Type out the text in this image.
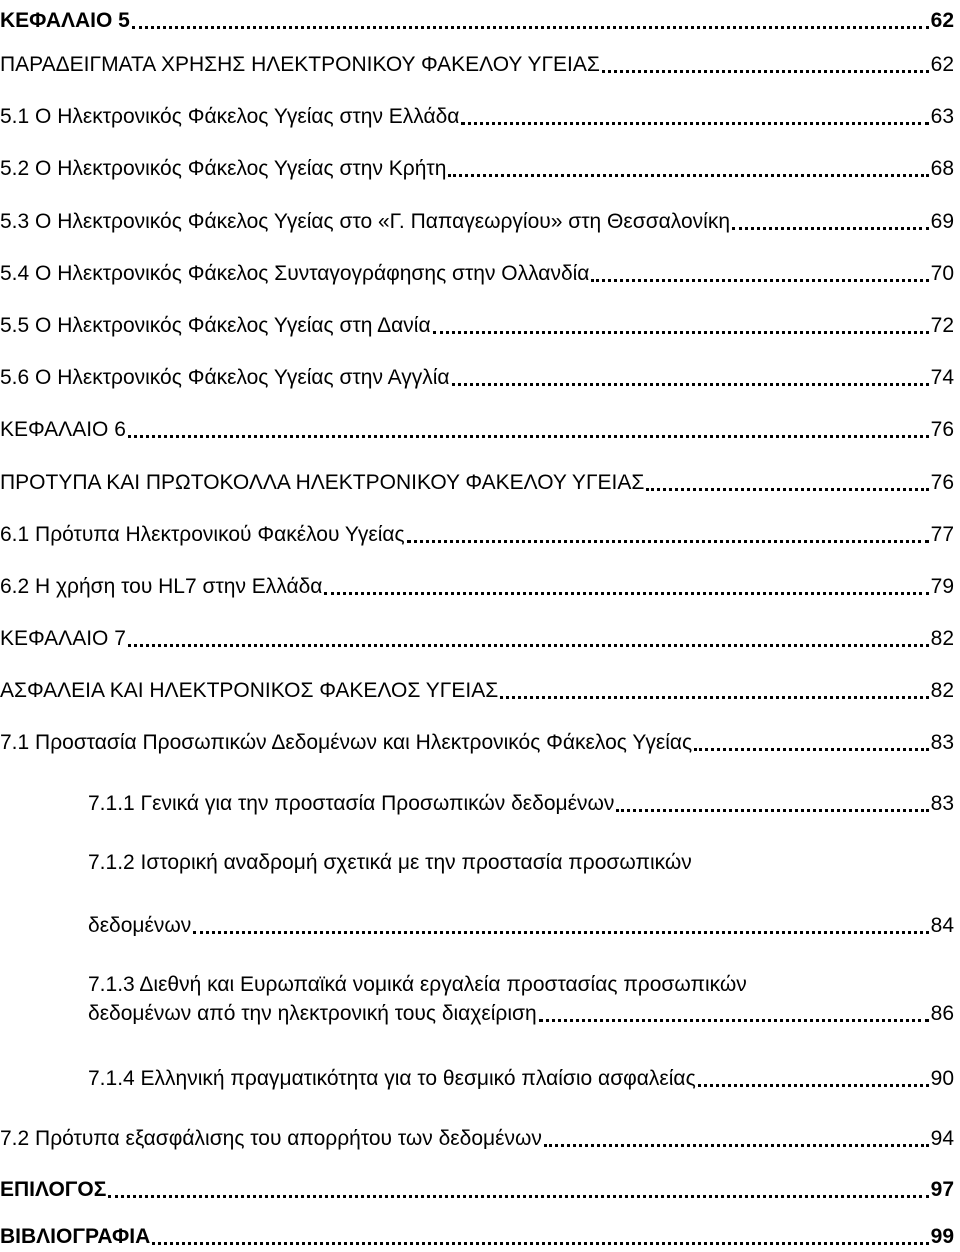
ΚΕΦΑΛΑΙΟ 5	62
ΠΑΡΑΔΕΙΓΜΑΤΑ ΧΡΗΣΗΣ ΗΛΕΚΤΡΟΝΙΚΟΥ ΦΑΚΕΛΟΥ ΥΓΕΙΑΣ	62
5.1 Ο Ηλεκτρονικός Φάκελος Υγείας στην Ελλάδα	63
5.2 Ο Ηλεκτρονικός Φάκελος Υγείας στην Κρήτη	68
5.3 Ο Ηλεκτρονικός Φάκελος Υγείας στο «Γ. Παπαγεωργίου» στη Θεσσαλονίκη	69
5.4 Ο Ηλεκτρονικός Φάκελος Συνταγογράφησης στην Ολλανδία	70
5.5 Ο Ηλεκτρονικός Φάκελος Υγείας στη Δανία	72
5.6 Ο Ηλεκτρονικός Φάκελος Υγείας στην Αγγλία	74
ΚΕΦΑΛΑΙΟ 6	76
ΠΡΟΤΥΠΑ ΚΑΙ ΠΡΩΤΟΚΟΛΛΑ ΗΛΕΚΤΡΟΝΙΚΟΥ ΦΑΚΕΛΟΥ ΥΓΕΙΑΣ	76
6.1 Πρότυπα Ηλεκτρονικού Φακέλου Υγείας	77
6.2 Η χρήση του HL7 στην Ελλάδα	79
ΚΕΦΑΛΑΙΟ 7	82
ΑΣΦΑΛΕΙΑ ΚΑΙ ΗΛΕΚΤΡΟΝΙΚΟΣ ΦΑΚΕΛΟΣ ΥΓΕΙΑΣ	82
7.1 Προστασία Προσωπικών Δεδομένων και Ηλεκτρονικός Φάκελος Υγείας	83
7.1.1 Γενικά για την προστασία Προσωπικών δεδομένων	83
7.1.2 Ιστορική αναδρομή σχετικά με την προστασία προσωπικών
δεδομένων	84
7.1.3 Διεθνή και Ευρωπαϊκά νομικά εργαλεία προστασίας προσωπικών
δεδομένων από την ηλεκτρονική τους διαχείριση	86
7.1.4 Ελληνική πραγματικότητα για το θεσμικό πλαίσιο ασφαλείας	90
7.2 Πρότυπα εξασφάλισης του απορρήτου των δεδομένων	94
ΕΠΙΛΟΓΟΣ	97
ΒΙΒΛΙΟΓΡΑΦΙΑ	99
